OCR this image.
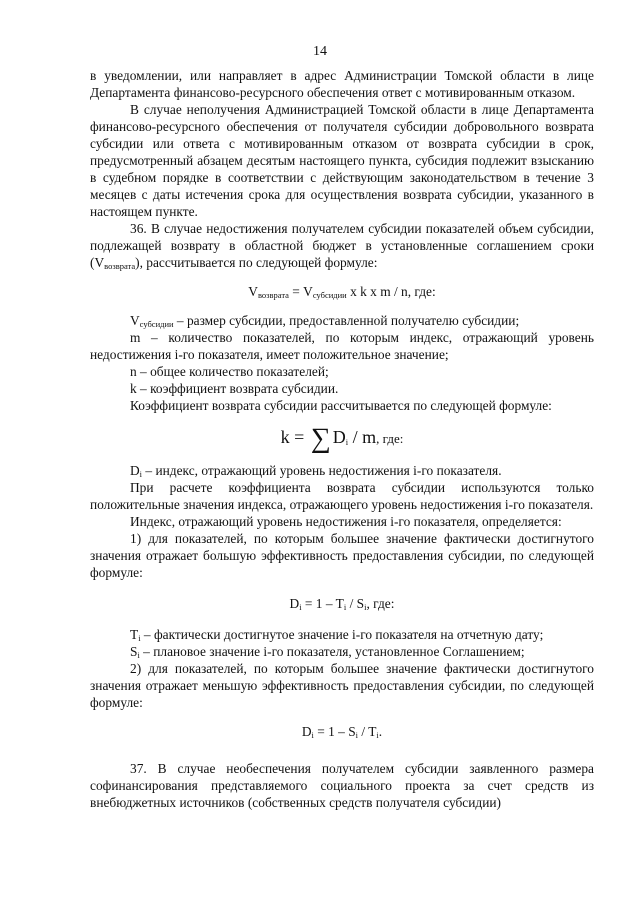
14

в уведомлении, или направляет в адрес Администрации Томской области в лице Департамента финансово-ресурсного обеспечения ответ с мотивированным отказом.

В случае неполучения Администрацией Томской области в лице Департамента финансово-ресурсного обеспечения от получателя субсидии добровольного возврата субсидии или ответа с мотивированным отказом от возврата субсидии в срок, предусмотренный абзацем десятым настоящего пункта, субсидия подлежит взысканию в судебном порядке в соответствии с действующим законодательством в течение 3 месяцев с даты истечения срока для осуществления возврата субсидии, указанного в настоящем пункте.

36. В случае недостижения получателем субсидии показателей объем субсидии, подлежащей возврату в областной бюджет в установленные соглашением сроки $(V_{возврата})$, рассчитывается по следующей формуле:

$V_{возврата} = V_{субсидии}$ x k x m / n, где:

$V_{субсидии}$ – размер субсидии, предоставленной получателю субсидии;

m – количество показателей, по которым индекс, отражающий уровень недостижения i-го показателя, имеет положительное значение;

n – общее количество показателей;

k – коэффициент возврата субсидии.

Коэффициент возврата субсидии рассчитывается по следующей формуле:

k = ∑ $D_i$ / m, где:

$D_i$ – индекс, отражающий уровень недостижения i-го показателя.

При расчете коэффициента возврата субсидии используются только положительные значения индекса, отражающего уровень недостижения i-го показателя.

Индекс, отражающий уровень недостижения i-го показателя, определяется:

1) для показателей, по которым большее значение фактически достигнутого значения отражает большую эффективность предоставления субсидии, по следующей формуле:

$D_i = 1 - T_i / S_i$, где:

$T_i$ – фактически достигнутое значение i-го показателя на отчетную дату;

$S_i$ – плановое значение i-го показателя, установленное Соглашением;

2) для показателей, по которым большее значение фактически достигнутого значения отражает меньшую эффективность предоставления субсидии, по следующей формуле:

$D_i = 1 - S_i / T_i$.

37. В случае необеспечения получателем субсидии заявленного размера софинансирования представляемого социального проекта за счет средств из внебюджетных источников (собственных средств получателя субсидии)
